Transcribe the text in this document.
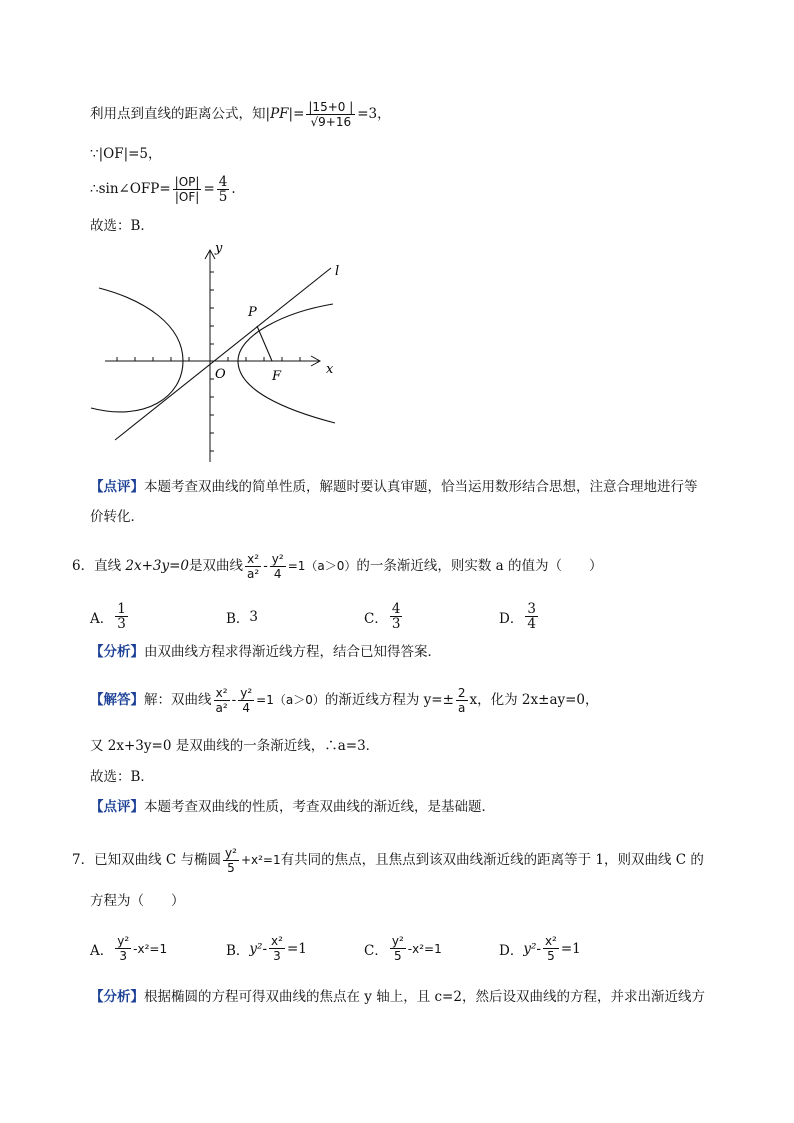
利用点到直线的距离公式，知$|PF|= \frac{|15+0 |}{√9+16} =3$，
∵|OF|=5，
∴sin∠OFP= $\frac{|OP|}{|OF|} = \frac{4}{5}$ .
故选：B．
y
l
P
O	F	x
【点评】本题考查双曲线的简单性质，解题时要认真审题，恰当运用数形结合思想，注意合理地进行等
价转化．
6．直线 2x+3y=0是双曲线 $\frac{\text{x²}}{\text{a²}} - \frac{\text{y²}}{4} =1(a>0)$的一条渐近线，则实数 a 的值为（　　）
A． $\frac{1}{3}$	B． 3	C． $\frac{4}{3}$	D． $\frac{3}{4}$
【分析】由双曲线方程求得渐近线方程，结合已知得答案．
【解答】解：双曲线 $\frac{\text{x²}}{\text{a²}} - \frac{\text{y²}}{4} =1(a>0)$的渐近线方程为 $y=\pm \frac{2}{a}$ x，化为 2x±ay=0，
又 2x+3y=0 是双曲线的一条渐近线，∴a=3．
故选：B．
【点评】本题考查双曲线的性质，考查双曲线的渐近线，是基础题．
7．已知双曲线 C 与椭圆 $\frac{\text{y²}}{5} +x^2=1$有共同的焦点，且焦点到该双曲线渐近线的距离等于 1，则双曲线 C 的
方程为（　　）
A． $\frac{\text{y²}}{3} -x^2=1$	B． $y^2- \frac{\text{x²}}{3} =1$	C． $\frac{\text{y²}}{5} -x^2=1$	D． $y^2- \frac{\text{x²}}{5} =1$
【分析】根据椭圆的方程可得双曲线的焦点在 y 轴上，且 c=2，然后设双曲线的方程，并求出渐近线方
